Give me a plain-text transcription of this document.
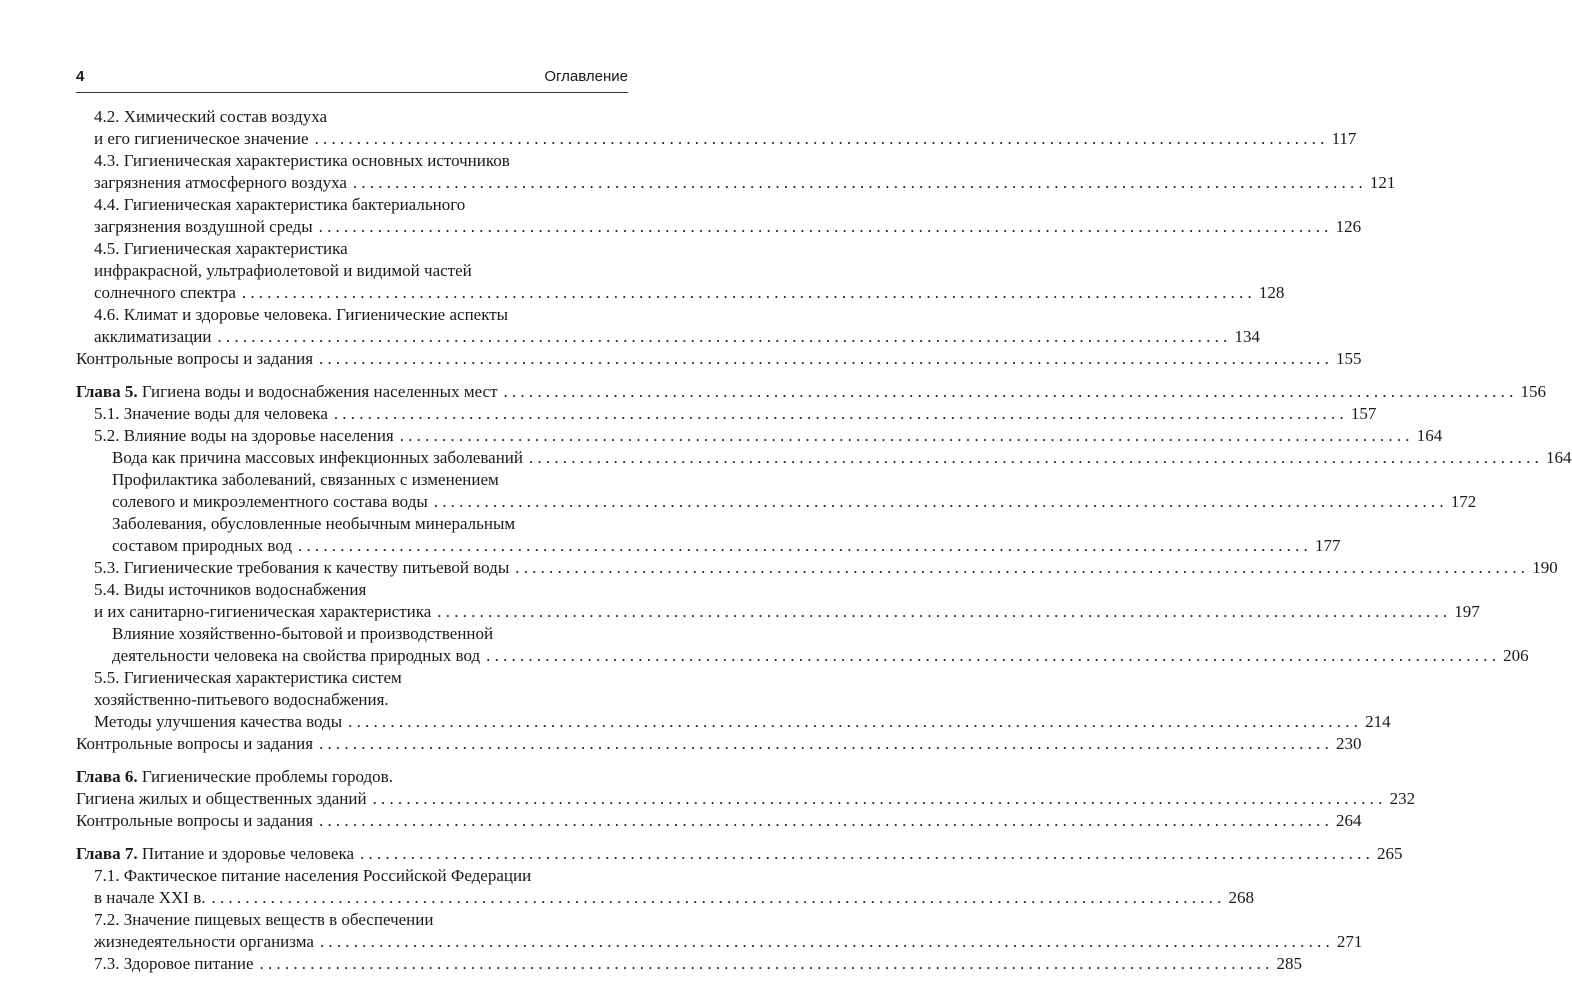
4	Оглавление
4.2. Химический состав воздуха
и его гигиеническое значение ........................................................................................................................ 117
4.3. Гигиеническая характеристика основных источников
загрязнения атмосферного воздуха ........................................................................................................................ 121
4.4. Гигиеническая характеристика бактериального
загрязнения воздушной среды ........................................................................................................................ 126
4.5. Гигиеническая характеристика
инфракрасной, ультрафиолетовой и видимой частей
солнечного спектра ........................................................................................................................ 128
4.6. Климат и здоровье человека. Гигиенические аспекты
акклиматизации ........................................................................................................................ 134
Контрольные вопросы и задания ........................................................................................................................ 155
Глава 5. Гигиена воды и водоснабжения населенных мест ........................................................................................................................ 156
5.1. Значение воды для человека ........................................................................................................................ 157
5.2. Влияние воды на здоровье населения ........................................................................................................................ 164
Вода как причина массовых инфекционных заболеваний ........................................................................................................................ 164
Профилактика заболеваний, связанных с изменением
солевого и микроэлементного состава воды ........................................................................................................................ 172
Заболевания, обусловленные необычным минеральным
составом природных вод ........................................................................................................................ 177
5.3. Гигиенические требования к качеству питьевой воды ........................................................................................................................ 190
5.4. Виды источников водоснабжения
и их санитарно-гигиеническая характеристика ........................................................................................................................ 197
Влияние хозяйственно-бытовой и производственной
деятельности человека на свойства природных вод ........................................................................................................................ 206
5.5. Гигиеническая характеристика систем
хозяйственно-питьевого водоснабжения.
Методы улучшения качества воды ........................................................................................................................ 214
Контрольные вопросы и задания ........................................................................................................................ 230
Глава 6. Гигиенические проблемы городов.
Гигиена жилых и общественных зданий ........................................................................................................................ 232
Контрольные вопросы и задания ........................................................................................................................ 264
Глава 7. Питание и здоровье человека ........................................................................................................................ 265
7.1. Фактическое питание населения Российской Федерации
в начале XXI в. ........................................................................................................................ 268
7.2. Значение пищевых веществ в обеспечении
жизнедеятельности организма ........................................................................................................................ 271
7.3. Здоровое питание ........................................................................................................................ 285
